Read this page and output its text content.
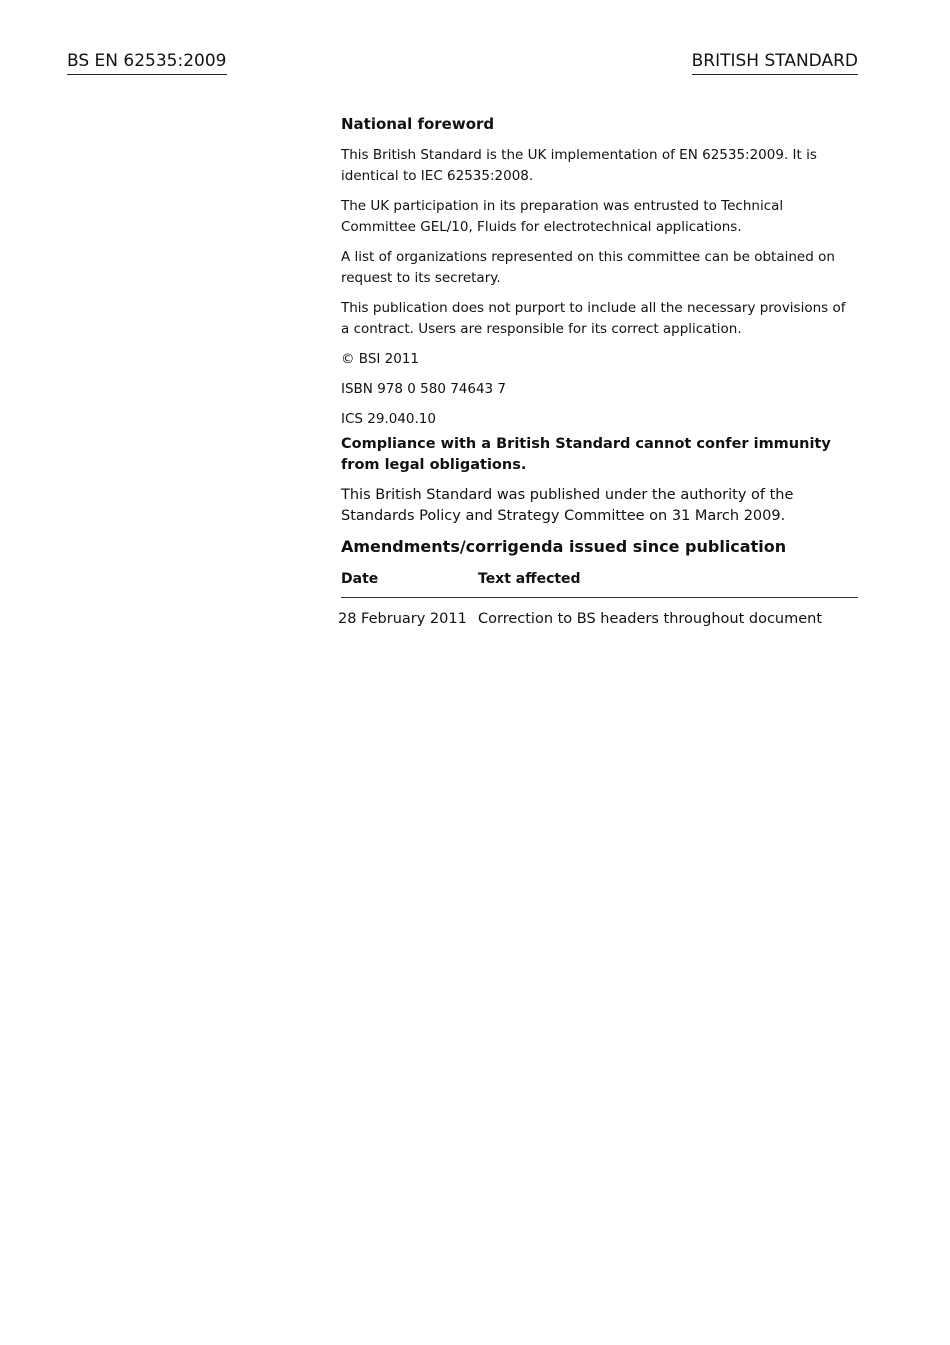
BS EN 62535:2009	BRITISH STANDARD
National foreword
This British Standard is the UK implementation of EN 62535:2009. It is identical to IEC 62535:2008.
The UK participation in its preparation was entrusted to Technical Committee GEL/10, Fluids for electrotechnical applications.
A list of organizations represented on this committee can be obtained on request to its secretary.
This publication does not purport to include all the necessary provisions of a contract. Users are responsible for its correct application.
© BSI 2011
ISBN 978 0 580 74643 7
ICS 29.040.10
Compliance with a British Standard cannot confer immunity from legal obligations.
This British Standard was published under the authority of the Standards Policy and Strategy Committee on 31 March 2009.
Amendments/corrigenda issued since publication
Date	Text affected
28 February 2011	Correction to BS headers throughout document
